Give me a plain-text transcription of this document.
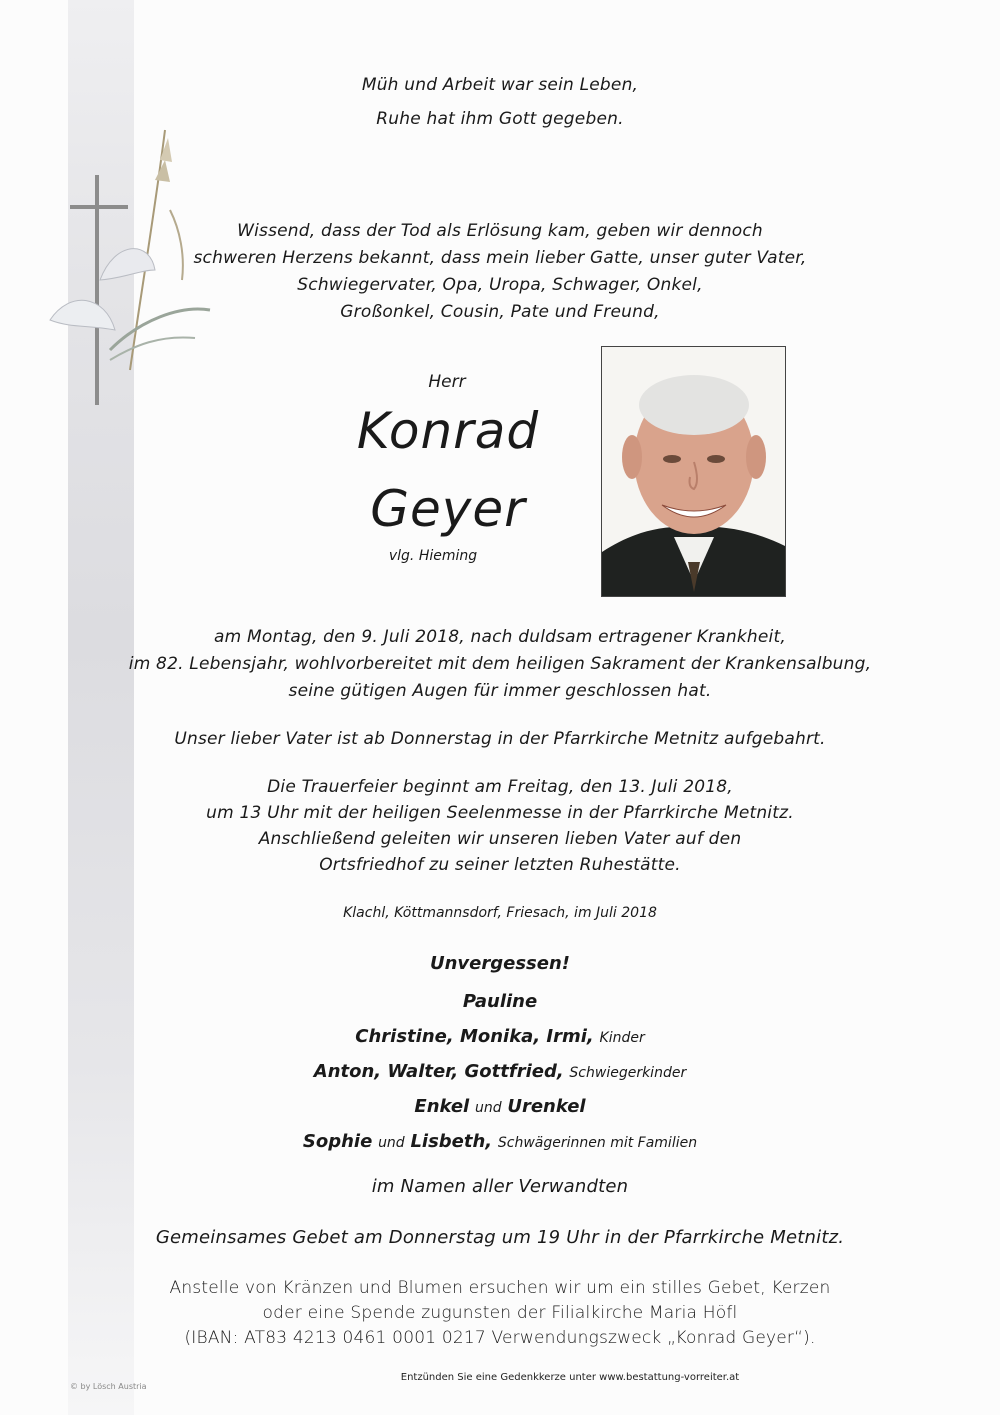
Müh und Arbeit war sein Leben,
Ruhe hat ihm Gott gegeben.
Wissend, dass der Tod als Erlösung kam, geben wir dennoch
schweren Herzens bekannt, dass mein lieber Gatte, unser guter Vater,
Schwiegervater, Opa, Uropa, Schwager, Onkel,
Großonkel, Cousin, Pate und Freund,
Herr
Konrad
Geyer
vlg. Hieming
am Montag, den 9. Juli 2018, nach duldsam ertragener Krankheit,
im 82. Lebensjahr, wohlvorbereitet mit dem heiligen Sakrament der Krankensalbung,
seine gütigen Augen für immer geschlossen hat.
Unser lieber Vater ist ab Donnerstag in der Pfarrkirche Metnitz aufgebahrt.
Die Trauerfeier beginnt am Freitag, den 13. Juli 2018,
um 13 Uhr mit der heiligen Seelenmesse in der Pfarrkirche Metnitz.
Anschließend geleiten wir unseren lieben Vater auf den
Ortsfriedhof zu seiner letzten Ruhestätte.
Klachl, Köttmannsdorf, Friesach, im Juli 2018
Unvergessen!
Pauline
Christine, Monika, Irmi, Kinder
Anton, Walter, Gottfried, Schwiegerkinder
Enkel und Urenkel
Sophie und Lisbeth, Schwägerinnen mit Familien
im Namen aller Verwandten
Gemeinsames Gebet am Donnerstag um 19 Uhr in der Pfarrkirche Metnitz.
Anstelle von Kränzen und Blumen ersuchen wir um ein stilles Gebet, Kerzen
oder eine Spende zugunsten der Filialkirche Maria Höfl
(IBAN: AT83 4213 0461 0001 0217 Verwendungszweck „Konrad Geyer“).
Entzünden Sie eine Gedenkkerze unter www.bestattung-vorreiter.at
© by Lösch Austria
